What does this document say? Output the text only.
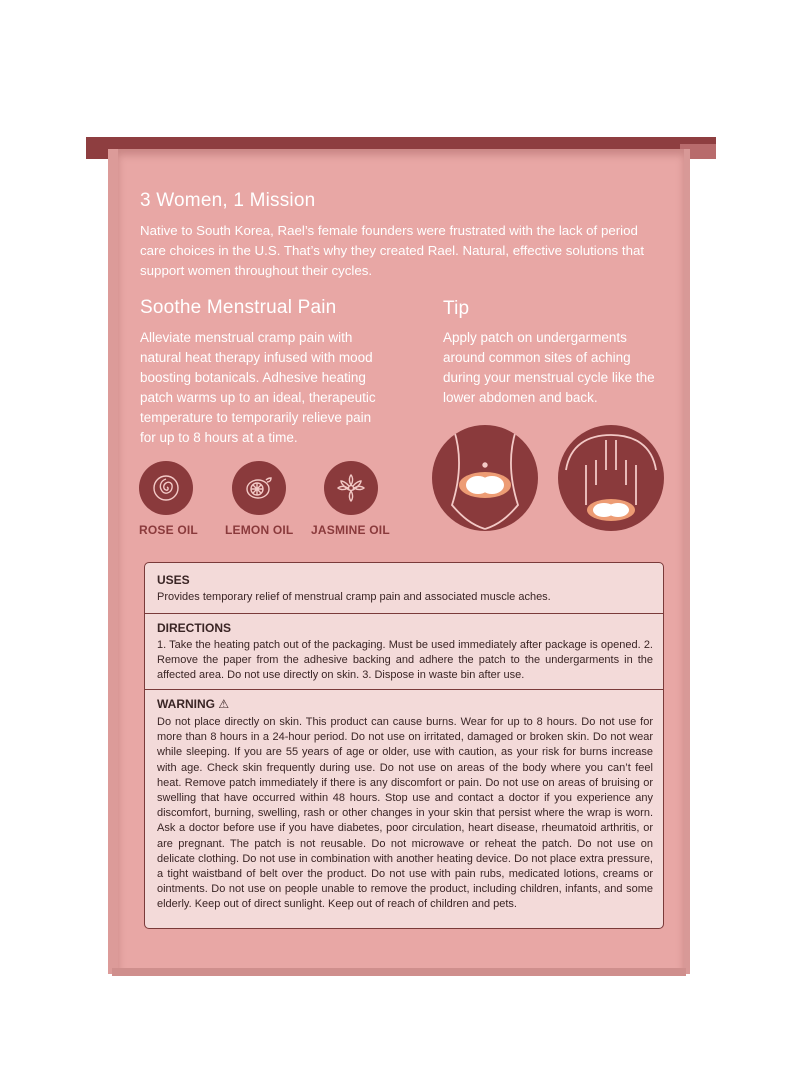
3 Women, 1 Mission

Native to South Korea, Rael’s female founders were frustrated with the lack of period care choices in the U.S. That’s why they created Rael. Natural, effective solutions that support women throughout their cycles.

Soothe Menstrual Pain

Alleviate menstrual cramp pain with natural heat therapy infused with mood boosting botanicals. Adhesive heating patch warms up to an ideal, therapeutic temperature to temporarily relieve pain for up to 8 hours at a time.

Tip

Apply patch on undergarments around common sites of aching during your menstrual cycle like the lower abdomen and back.

ROSE OIL LEMON OIL JASMINE OIL
USES
Provides temporary relief of menstrual cramp pain and associated muscle aches.
DIRECTIONS
1. Take the heating patch out of the packaging. Must be used immediately after package is opened. 2. Remove the paper from the adhesive backing and adhere the patch to the undergarments in the affected area. Do not use directly on skin. 3. Dispose in waste bin after use.
WARNING ⚠
Do not place directly on skin. This product can cause burns. Wear for up to 8 hours. Do not use for more than 8 hours in a 24-hour period. Do not use on irritated, damaged or broken skin. Do not wear while sleeping. If you are 55 years of age or older, use with caution, as your risk for burns increase with age. Check skin frequently during use. Do not use on areas of the body where you can’t feel heat. Remove patch immediately if there is any discomfort or pain. Do not use on areas of bruising or swelling that have occurred within 48 hours. Stop use and contact a doctor if you experience any discomfort, burning, swelling, rash or other changes in your skin that persist where the wrap is worn. Ask a doctor before use if you have diabetes, poor circulation, heart disease, rheumatoid arthritis, or are pregnant. The patch is not reusable. Do not microwave or reheat the patch. Do not use on delicate clothing. Do not use in combination with another heating device. Do not place extra pressure, a tight waistband of belt over the product. Do not use with pain rubs, medicated lotions, creams or ointments. Do not use on people unable to remove the product, including children, infants, and some elderly. Keep out of direct sunlight. Keep out of reach of children and pets.
